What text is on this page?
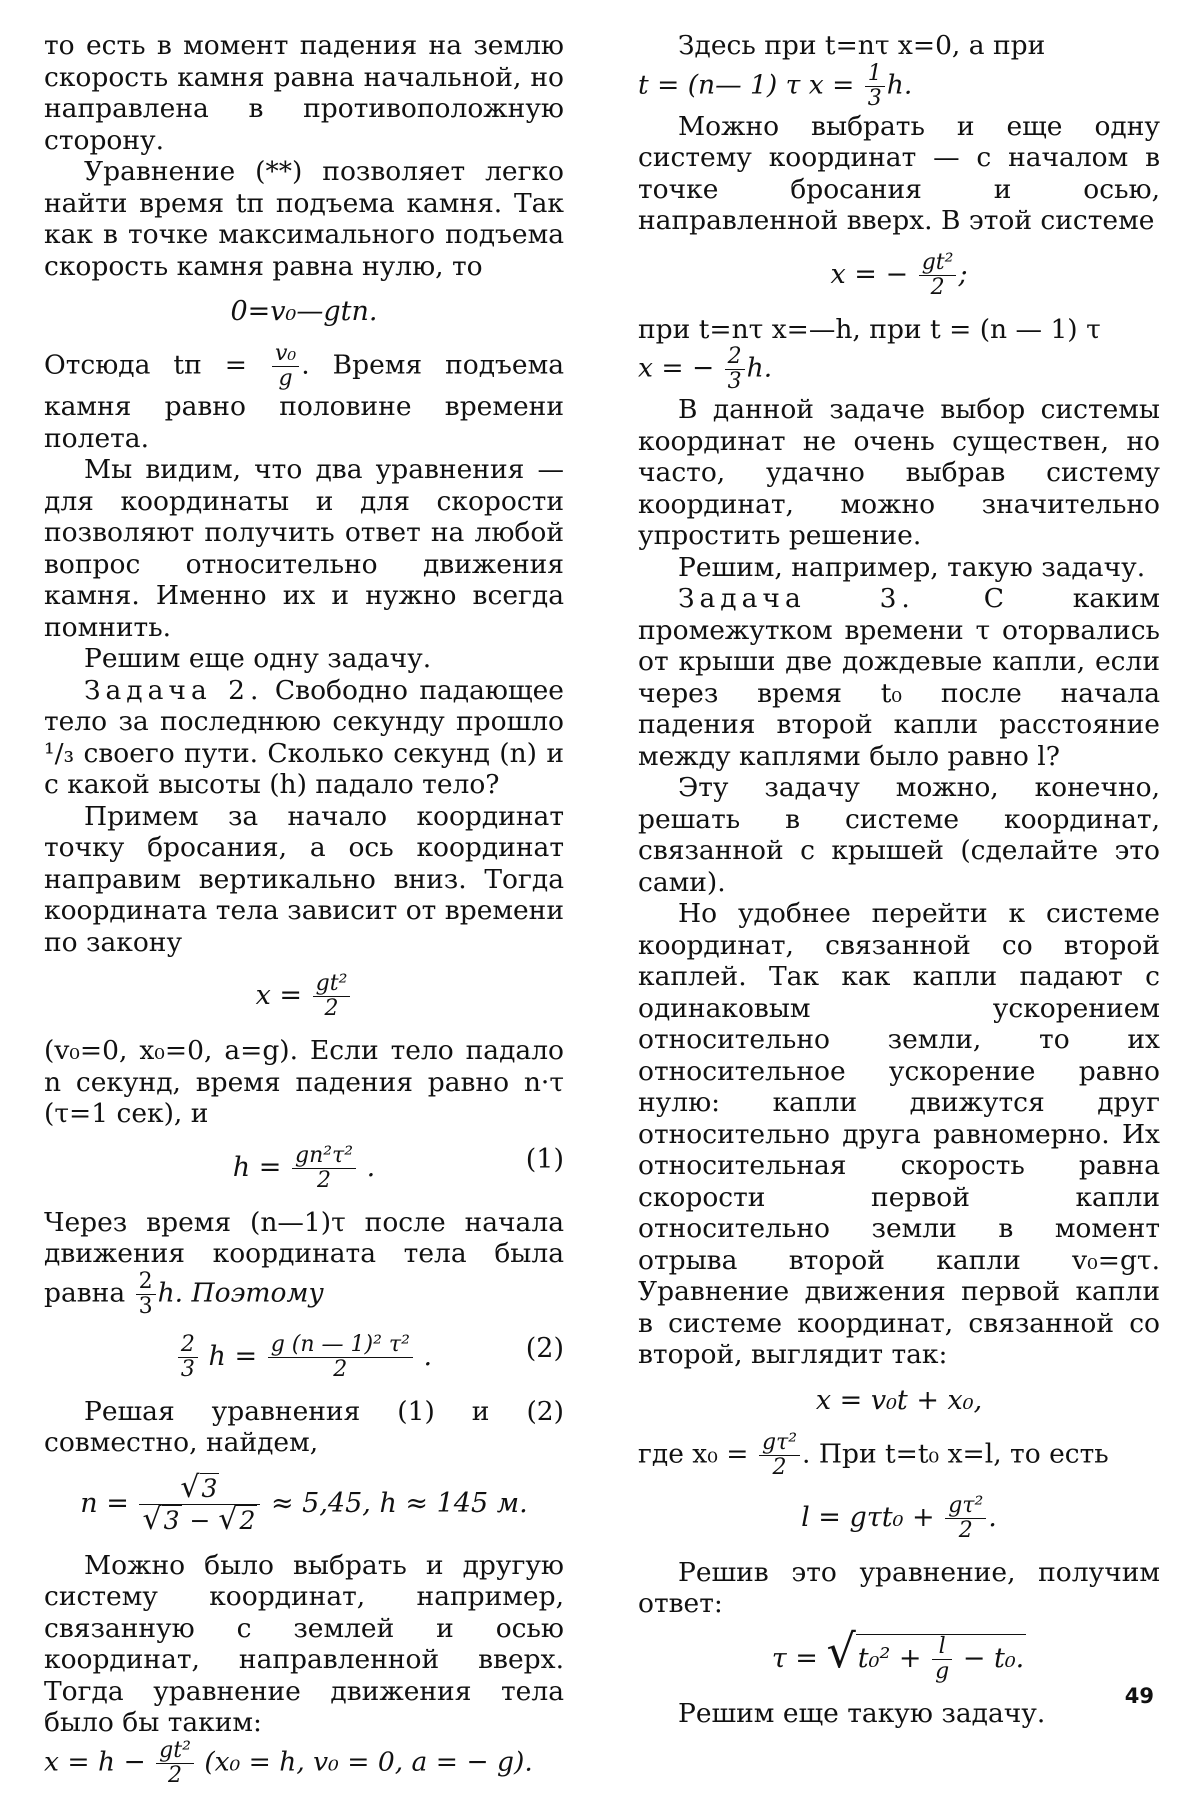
то есть в момент падения на землю скорость камня равна начальной, но направлена в противоположную сторону.

Уравнение (**) позволяет легко найти время tп подъема камня. Так как в точке максимального подъема скорость камня равна нулю, то

0=v₀—gtп.

Отсюда tп = $\frac{\text{v₀}}{g}$ . Время подъема камня равно половине времени полета.

Мы видим, что два уравнения — для координаты и для скорости позволяют получить ответ на любой вопрос относительно движения камня. Именно их и нужно всегда помнить.

Решим еще одну задачу.

Задача 2. Свободно падающее тело за последнюю секунду прошло ¹/₃ своего пути. Сколько секунд (n) и с какой высоты (h) падало тело?

Примем за начало координат точку бросания, а ось координат направим вертикально вниз. Тогда координата тела зависит от времени по закону

$x = \frac{\text{gt²}}{2}$

(v₀=0, x₀=0, a=g). Если тело падало n секунд, время падения равно n·τ (τ=1 сек), и

$h = \frac{\text{gn²τ²}}{2}$ .	(1)

Через время (n—1)τ после начала движения координата тела была равна $\frac{2}{3} h$. Поэтому

$\frac{2}{3}$ $h = \frac{\text{g (n — 1)² τ²}}{2}$ .	(2)

Решая уравнения (1) и (2) совместно, найдем,

$n = \frac{√3}{√3 - √2} \approx 5,45$, h ≈ 145 м.

Можно было выбрать и другую систему координат, например, связанную с землей и осью координат, направленной вверх. Тогда уравнение движения тела было бы таким:

$x = h - \frac{\text{gt²}}{2} (x_0 = h$, v₀ = 0, a = − g).

Здесь при t=nτ x=0, а при

t = (n— 1) τ $x = \frac{1}{3} h$.

Можно выбрать и еще одну систему координат — с началом в точке бросания и осью, направленной вверх. В этой системе

x = − $\frac{\text{gt²}}{2}$ ;

при t=nτ x=—h, при t = (n — 1) τ

x = − $\frac{2}{3} h$.

В данной задаче выбор системы координат не очень существен, но часто, удачно выбрав систему координат, можно значительно упростить решение.

Решим, например, такую задачу.

Задача 3. С каким промежутком времени τ оторвались от крыши две дождевые капли, если через время t₀ после начала падения второй капли расстояние между каплями было равно l?

Эту задачу можно, конечно, решать в системе координат, связанной с крышей (сделайте это сами).

Но удобнее перейти к системе координат, связанной со второй каплей. Так как капли падают с одинаковым ускорением относительно земли, то их относительное ускорение равно нулю: капли движутся друг относительно друга равномерно. Их относительная скорость равна скорости первой капли относительно земли в момент отрыва второй капли v₀=gτ. Уравнение движения первой капли в системе координат, связанной со второй, выглядит так:

x = v₀t + x₀,

где $x_0 = \frac{\text{gτ²}}{2}$ . При t=t₀ x=l, то есть

$l = g\tau t_0 + \frac{\text{gτ²}}{2}$ .

Решив это уравнение, получим ответ:

$\tau = √t_0^2 + \frac{l}{g} - t_0$.

Решим еще такую задачу.

49
